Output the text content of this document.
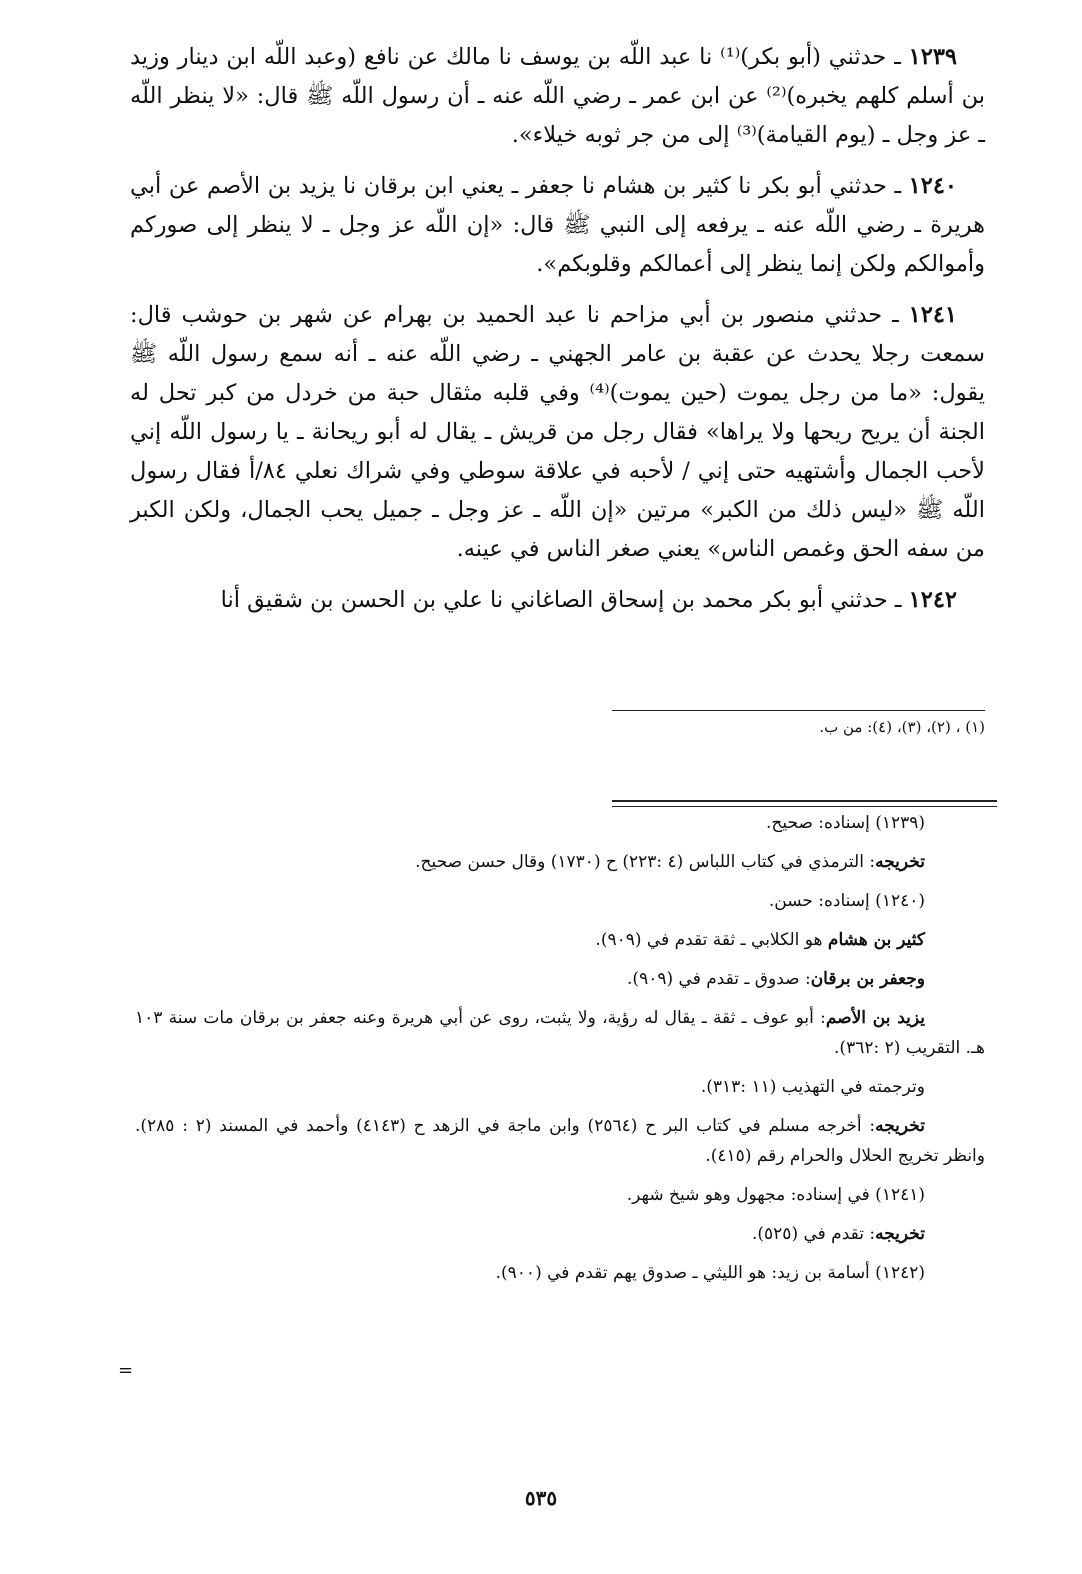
١٢٣٩ ـ حدثني (أبو بكر)⁽¹⁾ نا عبد اللّه بن يوسف نا مالك عن نافع (وعبد اللّه ابن دينار وزيد بن أسلم كلهم يخبره)⁽²⁾ عن ابن عمر ـ رضي اللّه عنه ـ أن رسول اللّه ﷺ قال: «لا ينظر اللّه ـ عز وجل ـ (يوم القيامة)⁽³⁾ إلى من جر ثوبه خيلاء».

١٢٤٠ ـ حدثني أبو بكر نا كثير بن هشام نا جعفر ـ يعني ابن برقان نا يزيد بن الأصم عن أبي هريرة ـ رضي اللّه عنه ـ يرفعه إلى النبي ﷺ قال: «إن اللّه عز وجل ـ لا ينظر إلى صوركم وأموالكم ولكن إنما ينظر إلى أعمالكم وقلوبكم».

١٢٤١ ـ حدثني منصور بن أبي مزاحم نا عبد الحميد بن بهرام عن شهر بن حوشب قال: سمعت رجلا يحدث عن عقبة بن عامر الجهني ـ رضي اللّه عنه ـ أنه سمع رسول اللّه ﷺ يقول: «ما من رجل يموت (حين يموت)⁽⁴⁾ وفي قلبه مثقال حبة من خردل من كبر تحل له الجنة أن يريح ريحها ولا يراها» فقال رجل من قريش ـ يقال له أبو ريحانة ـ يا رسول اللّه إني لأحب الجمال وأشتهيه حتى إني / لأحبه في علاقة سوطي وفي شراك نعلي ٨٤/أ فقال رسول اللّه ﷺ «ليس ذلك من الكبر» مرتين «إن اللّه ـ عز وجل ـ جميل يحب الجمال، ولكن الكبر من سفه الحق وغمص الناس» يعني صغر الناس في عينه.

١٢٤٢ ـ حدثني أبو بكر محمد بن إسحاق الصاغاني نا علي بن الحسن بن شقيق أنا

(١) ، (٢)، (٣)، (٤): من ب.

(١٢٣٩) إسناده: صحيح.

تخريجه: الترمذي في كتاب اللباس (٤ :٢٢٣) ح (١٧٣٠) وقال حسن صحيح.

(١٢٤٠) إسناده: حسن.

كثير بن هشام هو الكلابي ـ ثقة تقدم في (٩٠٩).

وجعفر بن برقان: صدوق ـ تقدم في (٩٠٩).

يزيد بن الأصم: أبو عوف ـ ثقة ـ يقال له رؤية، ولا يثبت، روى عن أبي هريرة وعنه جعفر بن برقان مات سنة ١٠٣ هـ. التقريب (٢ :٣٦٢).

وترجمته في التهذيب (١١ :٣١٣).

تخريجه: أخرجه مسلم في كتاب البر ح (٢٥٦٤) وابن ماجة في الزهد ح (٤١٤٣) وأحمد في المسند (٢ : ٢٨٥). وانظر تخريج الحلال والحرام رقم (٤١٥).

(١٢٤١) في إسناده: مجهول وهو شيخ شهر.

تخريجه: تقدم في (٥٢٥).

(١٢٤٢) أسامة بن زيد: هو الليثي ـ صدوق يهم تقدم في (٩٠٠).

=
٥٣٥
